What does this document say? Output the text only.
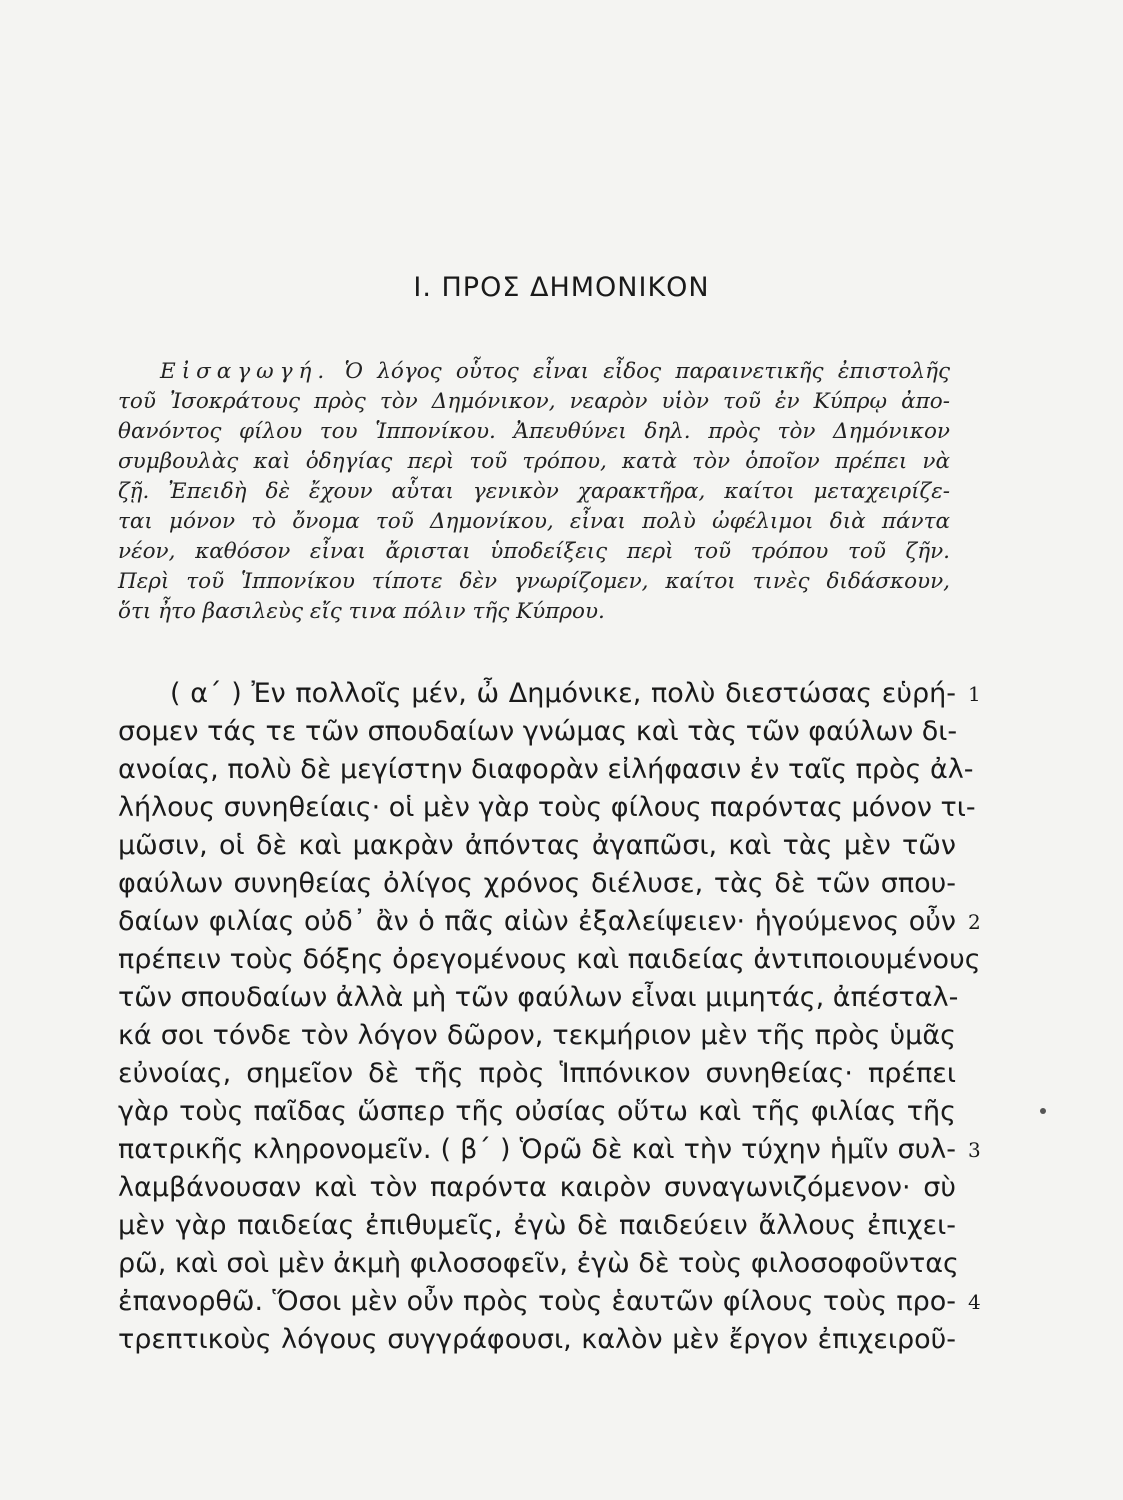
I. ΠΡΟΣ ΔΗΜΟΝΙΚΟΝ
Εἰσαγωγή. Ὁ λόγος οὗτος εἶναι εἶδος παραινετικῆς ἐπιστολῆς
τοῦ Ἰσοκράτους πρὸς τὸν Δημόνικον, νεαρὸν υἱὸν τοῦ ἐν Κύπρῳ ἀπο-
θανόντος φίλου του Ἱππονίκου. Ἀπευθύνει δηλ. πρὸς τὸν Δημόνικον
συμβουλὰς καὶ ὁδηγίας περὶ τοῦ τρόπου, κατὰ τὸν ὁποῖον πρέπει νὰ
ζῇ. Ἐπειδὴ δὲ ἔχουν αὗται γενικὸν χαρακτῆρα, καίτοι μεταχειρίζε-
ται μόνον τὸ ὄνομα τοῦ Δημονίκου, εἶναι πολὺ ὠφέλιμοι διὰ πάντα
νέον, καθόσον εἶναι ἄρισται ὑποδείξεις περὶ τοῦ τρόπου τοῦ ζῆν.
Περὶ τοῦ Ἱππονίκου τίποτε δὲν γνωρίζομεν, καίτοι τινὲς διδάσκουν,
ὅτι ἦτο βασιλεὺς εἴς τινα πόλιν τῆς Κύπρου.
( α΄ ) Ἐν πολλοῖς μέν, ὦ Δημόνικε, πολὺ διεστώσας εὑρή-
σομεν τάς τε τῶν σπουδαίων γνώμας καὶ τὰς τῶν φαύλων δι-
ανοίας, πολὺ δὲ μεγίστην διαφορὰν εἰλήφασιν ἐν ταῖς πρὸς ἀλ-
λήλους συνηθείαις· οἱ μὲν γὰρ τοὺς φίλους παρόντας μόνον τι-
μῶσιν, οἱ δὲ καὶ μακρὰν ἀπόντας ἀγαπῶσι, καὶ τὰς μὲν τῶν
φαύλων συνηθείας ὀλίγος χρόνος διέλυσε, τὰς δὲ τῶν σπου-
δαίων φιλίας οὐδ᾽ ἂν ὁ πᾶς αἰὼν ἐξαλείψειεν· ἡγούμενος οὖν
πρέπειν τοὺς δόξης ὀρεγομένους καὶ παιδείας ἀντιποιουμένους
τῶν σπουδαίων ἀλλὰ μὴ τῶν φαύλων εἶναι μιμητάς, ἀπέσταλ-
κά σοι τόνδε τὸν λόγον δῶρον, τεκμήριον μὲν τῆς πρὸς ὑμᾶς
εὐνοίας, σημεῖον δὲ τῆς πρὸς Ἱππόνικον συνηθείας· πρέπει
γὰρ τοὺς παῖδας ὥσπερ τῆς οὐσίας οὕτω καὶ τῆς φιλίας τῆς
πατρικῆς κληρονομεῖν. ( β΄ ) Ὁρῶ δὲ καὶ τὴν τύχην ἡμῖν συλ-
λαμβάνουσαν καὶ τὸν παρόντα καιρὸν συναγωνιζόμενον· σὺ
μὲν γὰρ παιδείας ἐπιθυμεῖς, ἐγὼ δὲ παιδεύειν ἄλλους ἐπιχει-
ρῶ, καὶ σοὶ μὲν ἀκμὴ φιλοσοφεῖν, ἐγὼ δὲ τοὺς φιλοσοφοῦντας
ἐπανορθῶ. Ὅσοι μὲν οὖν πρὸς τοὺς ἑαυτῶν φίλους τοὺς προ-
τρεπτικοὺς λόγους συγγράφουσι, καλὸν μὲν ἔργον ἐπιχειροῦ-
1
2
3
4
